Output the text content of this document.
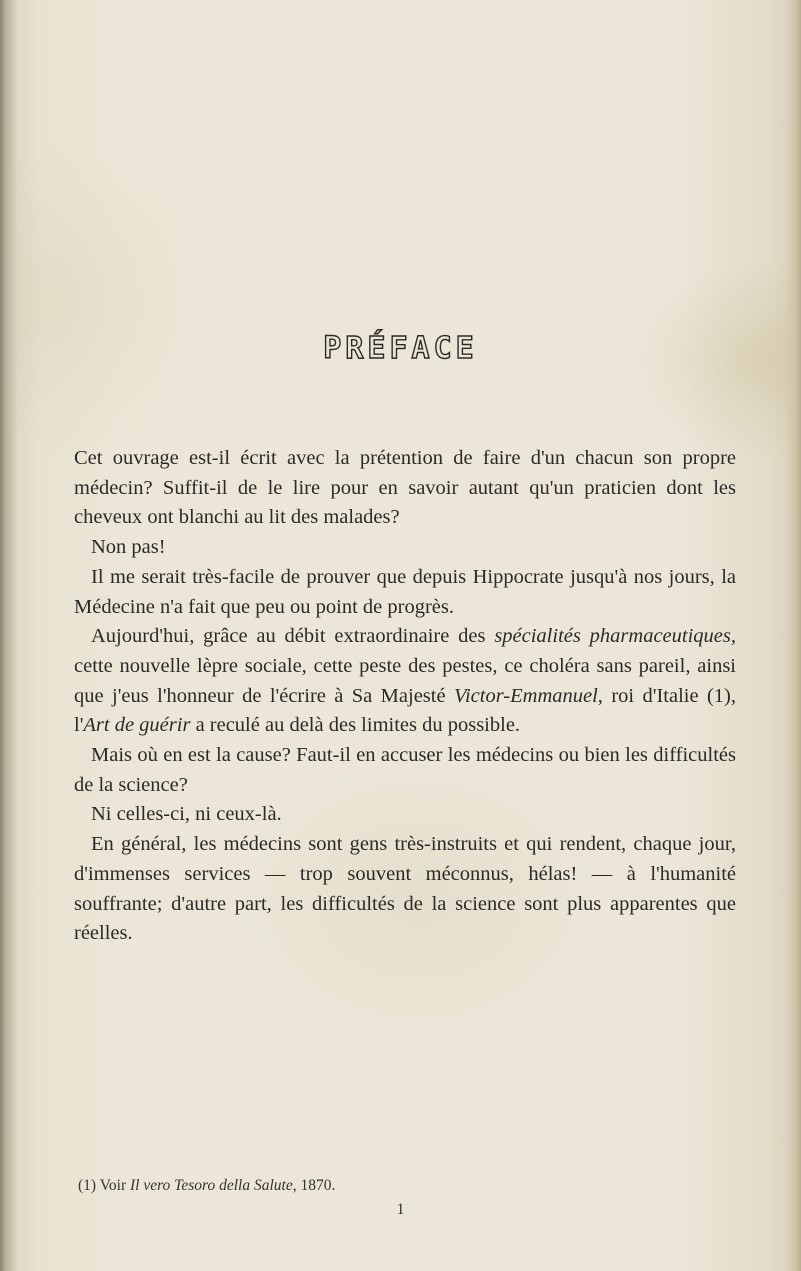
PRÉFACE

Cet ouvrage est-il écrit avec la prétention de faire d'un chacun son propre médecin? Suffit-il de le lire pour en savoir autant qu'un praticien dont les cheveux ont blanchi au lit des malades?

Non pas!

Il me serait très-facile de prouver que depuis Hippocrate jusqu'à nos jours, la Médecine n'a fait que peu ou point de progrès.

Aujourd'hui, grâce au débit extraordinaire des spécialités pharmaceutiques, cette nouvelle lèpre sociale, cette peste des pestes, ce choléra sans pareil, ainsi que j'eus l'honneur de l'écrire à Sa Majesté Victor-Emmanuel, roi d'Italie (1), l'Art de guérir a reculé au delà des limites du possible.

Mais où en est la cause? Faut-il en accuser les médecins ou bien les difficultés de la science?

Ni celles-ci, ni ceux-là.

En général, les médecins sont gens très-instruits et qui rendent, chaque jour, d'immenses services — trop souvent méconnus, hélas! — à l'humanité souffrante; d'autre part, les difficultés de la science sont plus apparentes que réelles.

(1) Voir Il vero Tesoro della Salute, 1870.

1
